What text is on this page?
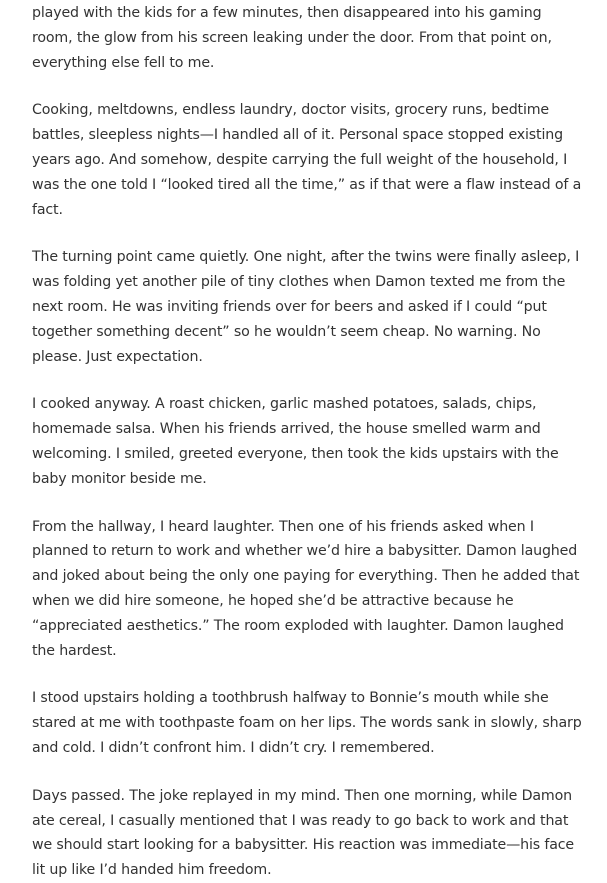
played with the kids for a few minutes, then disappeared into his gaming room, the glow from his screen leaking under the door. From that point on, everything else fell to me.

Cooking, meltdowns, endless laundry, doctor visits, grocery runs, bedtime battles, sleepless nights—I handled all of it. Personal space stopped existing years ago. And somehow, despite carrying the full weight of the household, I was the one told I “looked tired all the time,” as if that were a flaw instead of a fact.

The turning point came quietly. One night, after the twins were finally asleep, I was folding yet another pile of tiny clothes when Damon texted me from the next room. He was inviting friends over for beers and asked if I could “put together something decent” so he wouldn’t seem cheap. No warning. No please. Just expectation.

I cooked anyway. A roast chicken, garlic mashed potatoes, salads, chips, homemade salsa. When his friends arrived, the house smelled warm and welcoming. I smiled, greeted everyone, then took the kids upstairs with the baby monitor beside me.

From the hallway, I heard laughter. Then one of his friends asked when I planned to return to work and whether we’d hire a babysitter. Damon laughed and joked about being the only one paying for everything. Then he added that when we did hire someone, he hoped she’d be attractive because he “appreciated aesthetics.” The room exploded with laughter. Damon laughed the hardest.

I stood upstairs holding a toothbrush halfway to Bonnie’s mouth while she stared at me with toothpaste foam on her lips. The words sank in slowly, sharp and cold. I didn’t confront him. I didn’t cry. I remembered.

Days passed. The joke replayed in my mind. Then one morning, while Damon ate cereal, I casually mentioned that I was ready to go back to work and that we should start looking for a babysitter. His reaction was immediate—his face lit up like I’d handed him freedom.
